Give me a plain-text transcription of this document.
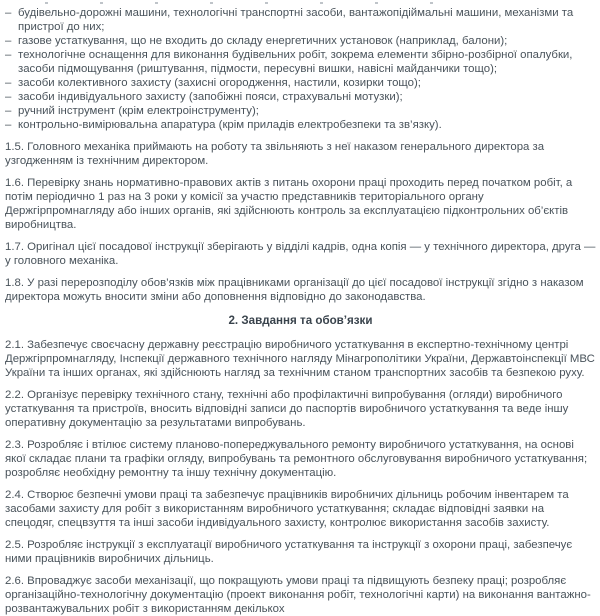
– будівельно-дорожні машини, технологічні транспортні засоби, вантажопідіймальні машини, механізми та пристрої до них;
– газове устаткування, що не входить до складу енергетичних установок (наприклад, балони);
– технологічне оснащення для виконання будівельних робіт, зокрема елементи збірно-розбірної опалубки, засоби підмощування (риштування, підмости, пересувні вишки, навісні майданчики тощо);
– засоби колективного захисту (захисні огородження, настили, козирки тощо);
– засоби індивідуального захисту (запобіжні пояси, страхувальні мотузки);
– ручний інструмент (крім електроінструменту);
– контрольно-вимірювальна апаратура (крім приладів електробезпеки та зв’язку).

1.5. Головного механіка приймають на роботу та звільняють з неї наказом генерального директора за узгодженням із технічним директором.

1.6. Перевірку знань нормативно-правових актів з питань охорони праці проходить перед початком робіт, а потім періодично 1 раз на 3 роки у комісії за участю представників територіального органу Держгірпромнагляду або інших органів, які здійснюють контроль за експлуатацією підконтрольних об’єктів виробництва.

1.7. Оригінал цієї посадової інструкції зберігають у відділі кадрів, одна копія — у технічного директора, друга — у головного механіка.

1.8. У разі перерозподілу обов’язків між працівниками організації до цієї посадової інструкції згідно з наказом директора можуть вносити зміни або доповнення відповідно до законодавства.

2. Завдання та обов’язки

2.1. Забезпечує своєчасну державну реєстрацію виробничого устаткування в експертно-технічному центрі Держгірпромнагляду, Інспекції державного технічного нагляду Мінагрополітики України, Державтоінспекції МВС України та інших органах, які здійснюють нагляд за технічним станом транспортних засобів та безпекою руху.

2.2. Організує перевірку технічного стану, технічні або профілактичні випробування (огляди) виробничого устаткування та пристроїв, вносить відповідні записи до паспортів виробничого устаткування та веде іншу оперативну документацію за результатами випробувань.

2.3. Розробляє і втілює систему планово-попереджувального ремонту виробничого устаткування, на основі якої складає плани та графіки огляду, випробувань та ремонтного обслуговування виробничого устаткування; розробляє необхідну ремонтну та іншу технічну документацію.

2.4. Створює безпечні умови праці та забезпечує працівників виробничих дільниць робочим інвентарем та засобами захисту для робіт з використанням виробничого устаткування; складає відповідні заявки на спецодяг, спецвзуття та інші засоби індивідуального захисту, контролює використання засобів захисту.

2.5. Розробляє інструкції з експлуатації виробничого устаткування та інструкції з охорони праці, забезпечує ними працівників виробничих дільниць.

2.6. Впроваджує засоби механізації, що покращують умови праці та підвищують безпеку праці; розробляє організаційно-технологічну документацію (проект виконання робіт, технологічні карти) на виконання вантажно-розвантажувальних робіт з використанням декількох
